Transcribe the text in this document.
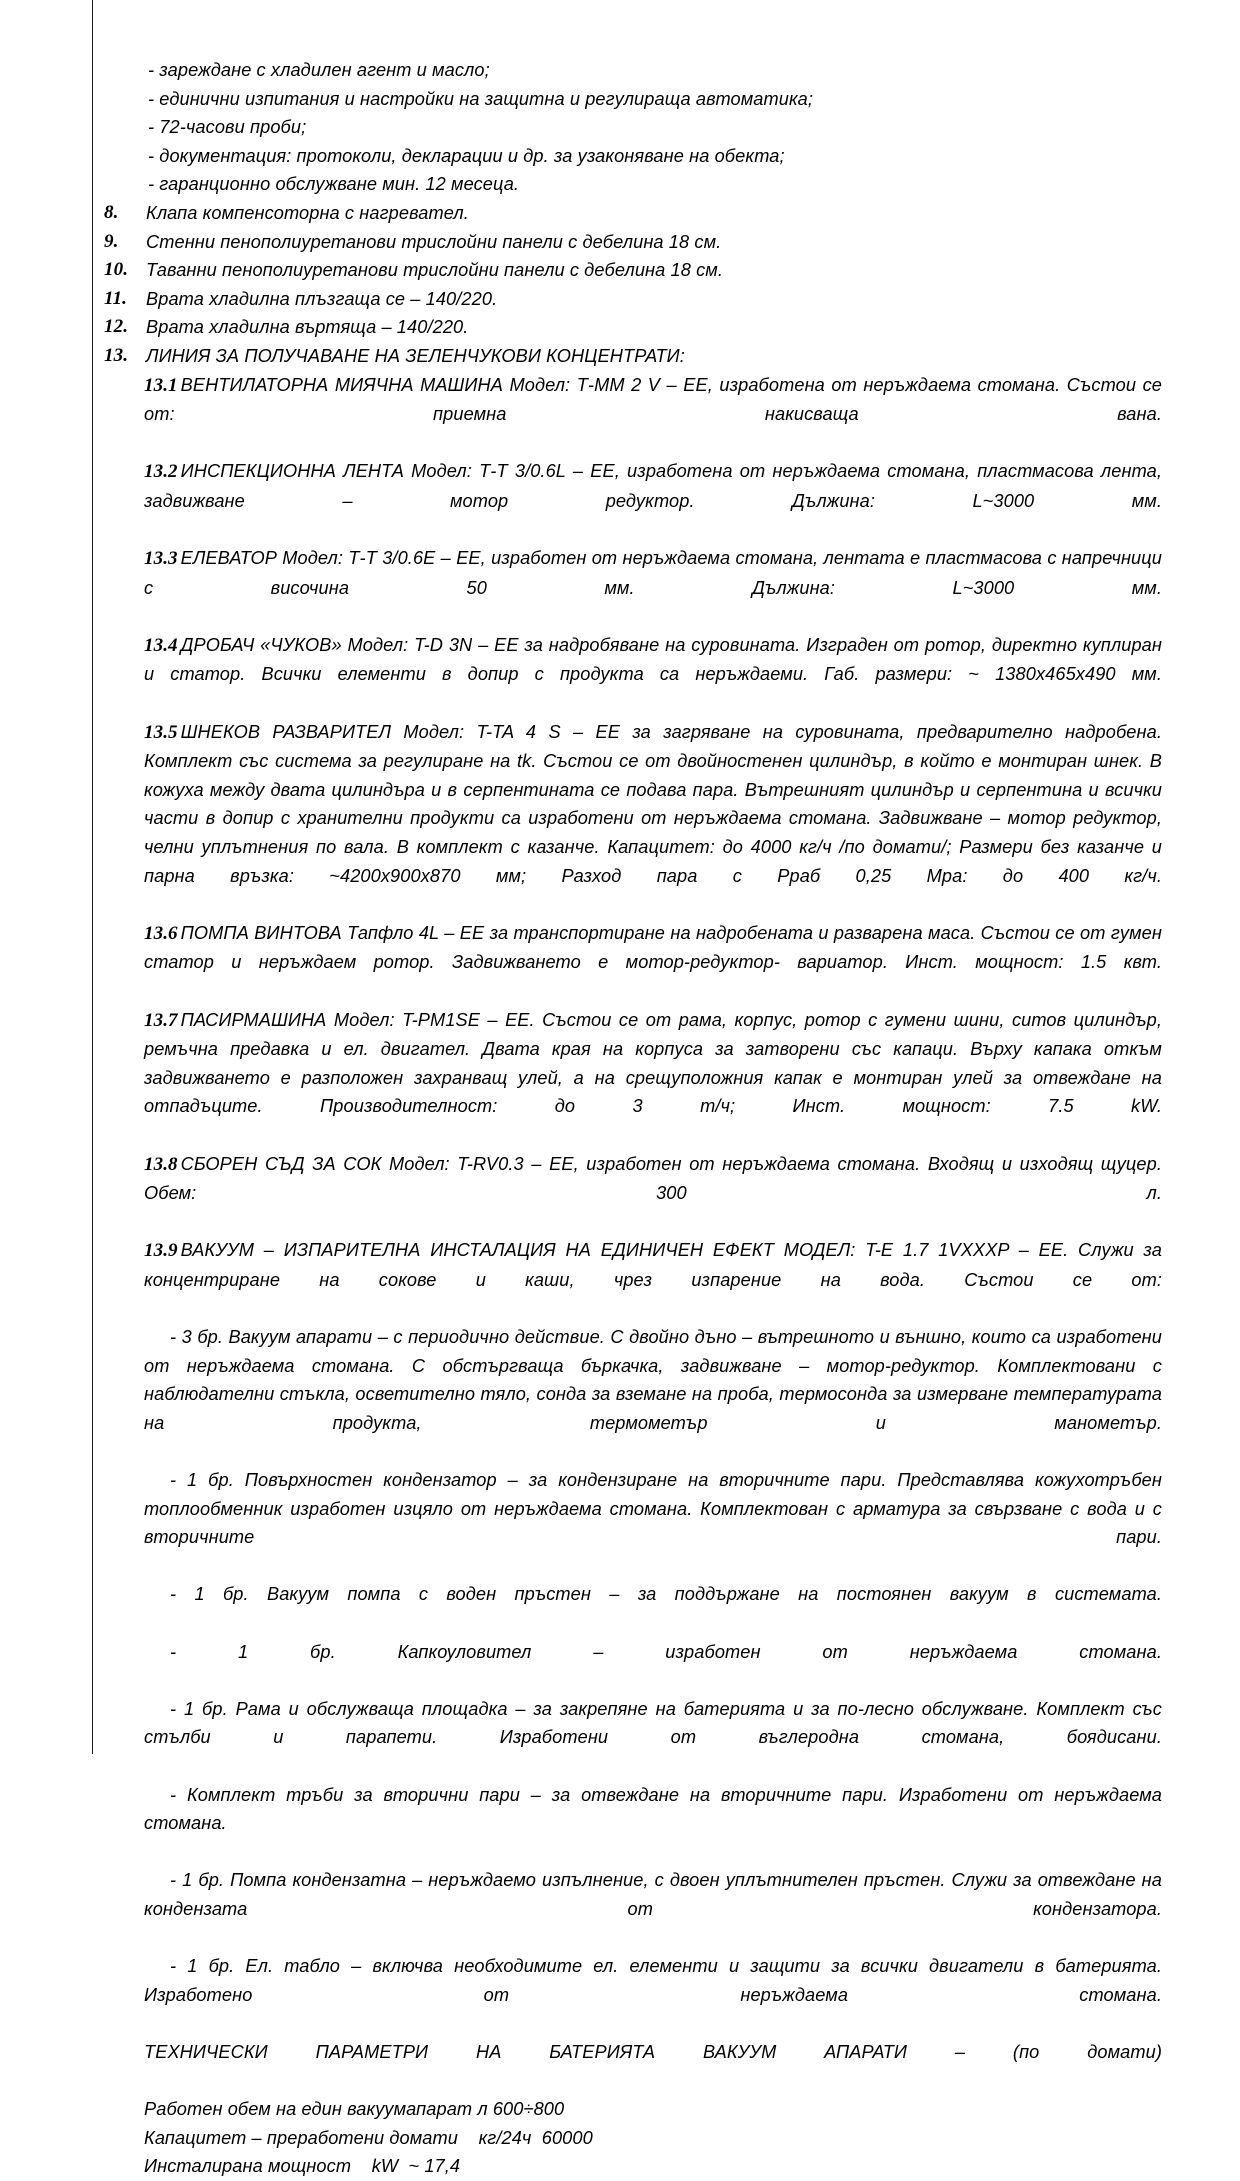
- зареждане с хладилен агент и масло;

- единични изпитания и настройки на защитна и регулираща автоматика;

- 72-часови проби;

- документация: протоколи, декларации и др. за узаконяване на обекта;

- гаранционно обслужване мин. 12 месеца.

8.	Клапа компенсоторна с нагревател.
9.	Стенни пенополиуретанови трислойни панели с дебелина 18 см.
10. Таванни пенополиуретанови трислойни панели с дебелина 18 см.
11.	Врата хладилна плъзгаща се – 140/220.
12. Врата хладилна въртяща – 140/220.
13. ЛИНИЯ ЗА ПОЛУЧАВАНЕ НА ЗЕЛЕНЧУКОВИ КОНЦЕНТРАТИ:

13.1 ВЕНТИЛАТОРНА МИЯЧНА МАШИНА Модел: Т-ММ 2 V – ЕЕ, изработена от неръждаема стомана. Състои се от: приемна накисваща вана.

13.2 ИНСПЕКЦИОННА ЛЕНТА Модел: Т-Т 3/0.6L – ЕЕ, изработена от неръждаема стомана, пластмасова лента, задвижване – мотор редуктор. Дължина: L~3000 мм.

13.3 ЕЛЕВАТОР Модел: Т-Т 3/0.6Е – ЕЕ, изработен от неръждаема стомана, лентата е пластмасова с напречници с височина 50 мм. Дължина: L~3000 мм.

13.4 ДРОБАЧ «ЧУКОВ» Модел: T-D 3N – ЕЕ за надробяване на суровината. Изграден от ротор, директно куплиран и статор. Всички елементи в допир с продукта са неръждаеми. Габ. размери: ~ 1380х465х490 мм.

13.5 ШНЕКОВ РАЗВАРИТЕЛ Модел: T-TA 4 S – ЕЕ за загряване на суровината, предварително надробена. Комплект със система за регулиране на tk. Състои се от двойностенен цилиндър, в който е монтиран шнек. В кожуха между двата цилиндъра и в серпентината се подава пара. Вътрешният цилиндър и серпентина и всички части в допир с хранителни продукти са изработени от неръждаема стомана. Задвижване – мотор редуктор, челни уплътнения по вала. В комплект с казанче. Капацитет: до 4000 кг/ч /по домати/; Размери без казанче и парна връзка: ~4200х900х870 мм; Разход пара с Рраб 0,25 Мра: до 400 кг/ч.

13.6 ПОМПА ВИНТОВА Тапфло 4L – ЕЕ за транспортиране на надробената и разварена маса. Състои се от гумен статор и неръждаем ротор. Задвижването е мотор-редуктор- вариатор. Инст. мощност: 1.5 квт.

13.7 ПАСИРМАШИНА Модел: T-PM1SE – ЕЕ. Състои се от рама, корпус, ротор с гумени шини, ситов цилиндър, ремъчна предавка и ел. двигател. Двата края на корпуса за затворени със капаци. Върху капака откъм задвижването е разположен захранващ улей, а на срещуположния капак е монтиран улей за отвеждане на отпадъците. Производителност: до 3 т/ч; Инст. мощност: 7.5 kW.

13.8 СБОРЕН СЪД ЗА СОК Модел: T-RV0.3 – ЕЕ, изработен от неръждаема стомана. Входящ и изходящ щуцер. Обем: 300 л.

13.9 ВАКУУМ – ИЗПАРИТЕЛНА ИНСТАЛАЦИЯ НА ЕДИНИЧЕН ЕФЕКТ МОДЕЛ: T-E 1.7 1VXXXP – EE. Служи за концентриране на сокове и каши, чрез изпарение на вода. Състои се от:

- 3 бр. Вакуум апарати – с периодично действие. С двойно дъно – вътрешното и външно, които са изработени от неръждаема стомана. С обстъргваща бъркачка, задвижване – мотор-редуктор. Комплектовани с наблюдателни стъкла, осветително тяло, сонда за вземане на проба, термосонда за измерване температурата на продукта, термометър и манометър.

- 1 бр. Повърхностен кондензатор – за кондензиране на вторичните пари. Представлява кожухотръбен топлообменник изработен изцяло от неръждаема стомана. Комплектован с арматура за свързване с вода и с вторичните пари.

- 1 бр. Вакуум помпа с воден пръстен – за поддържане на постоянен вакуум в системата.

- 1 бр. Капкоуловител – изработен от неръждаема стомана.

- 1 бр. Рама и обслужваща площадка – за закрепяне на батерията и за по-лесно обслужване. Комплект със стълби и парапети. Изработени от въглеродна стомана, боядисани.

- Комплект тръби за вторични пари – за отвеждане на вторичните пари. Изработени от неръждаема стомана.

- 1 бр. Помпа кондензатна – неръждаемо изпълнение, с двоен уплътнителен пръстен. Служи за отвеждане на кондензата от кондензатора.

- 1 бр. Ел. табло – включва необходимите ел. елементи и защити за всички двигатели в батерията. Изработено от неръждаема стомана.

ТЕХНИЧЕСКИ ПАРАМЕТРИ НА БАТЕРИЯТА ВАКУУМ АПАРАТИ – (по домати)

Работен обем на един вакуумапарат л 600÷800

Капацитет – преработени домати    кг/24ч  60000

Инсталирана мощност    kW  ~ 17,4
